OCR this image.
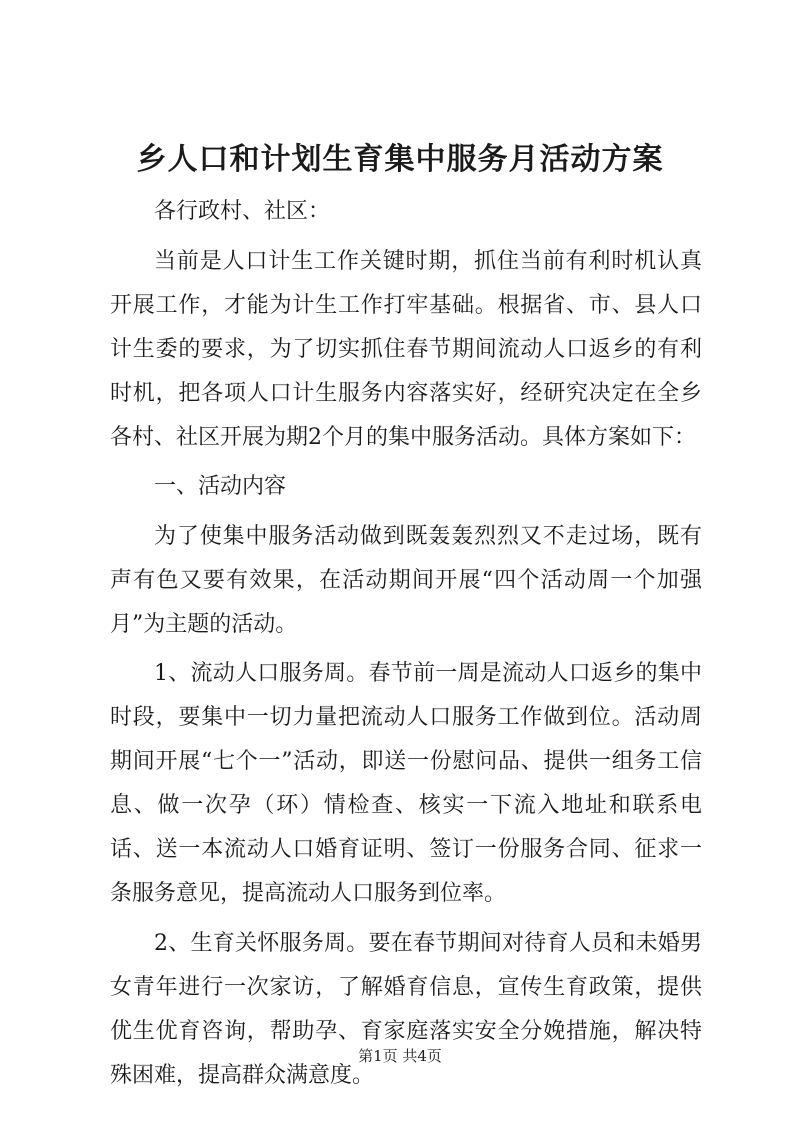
乡人口和计划生育集中服务月活动方案

各行政村、社区：

当前是人口计生工作关键时期，抓住当前有利时机认真开展工作，才能为计生工作打牢基础。根据省、市、县人口计生委的要求，为了切实抓住春节期间流动人口返乡的有利时机，把各项人口计生服务内容落实好，经研究决定在全乡各村、社区开展为期2个月的集中服务活动。具体方案如下：

一、活动内容

为了使集中服务活动做到既轰轰烈烈又不走过场，既有声有色又要有效果，在活动期间开展“四个活动周一个加强月”为主题的活动。

1、流动人口服务周。春节前一周是流动人口返乡的集中时段，要集中一切力量把流动人口服务工作做到位。活动周期间开展“七个一”活动，即送一份慰问品、提供一组务工信息、做一次孕（环）情检查、核实一下流入地址和联系电话、送一本流动人口婚育证明、签订一份服务合同、征求一条服务意见，提高流动人口服务到位率。

2、生育关怀服务周。要在春节期间对待育人员和未婚男女青年进行一次家访，了解婚育信息，宣传生育政策，提供优生优育咨询，帮助孕、育家庭落实安全分娩措施，解决特殊困难，提高群众满意度。

第1页 共4页
